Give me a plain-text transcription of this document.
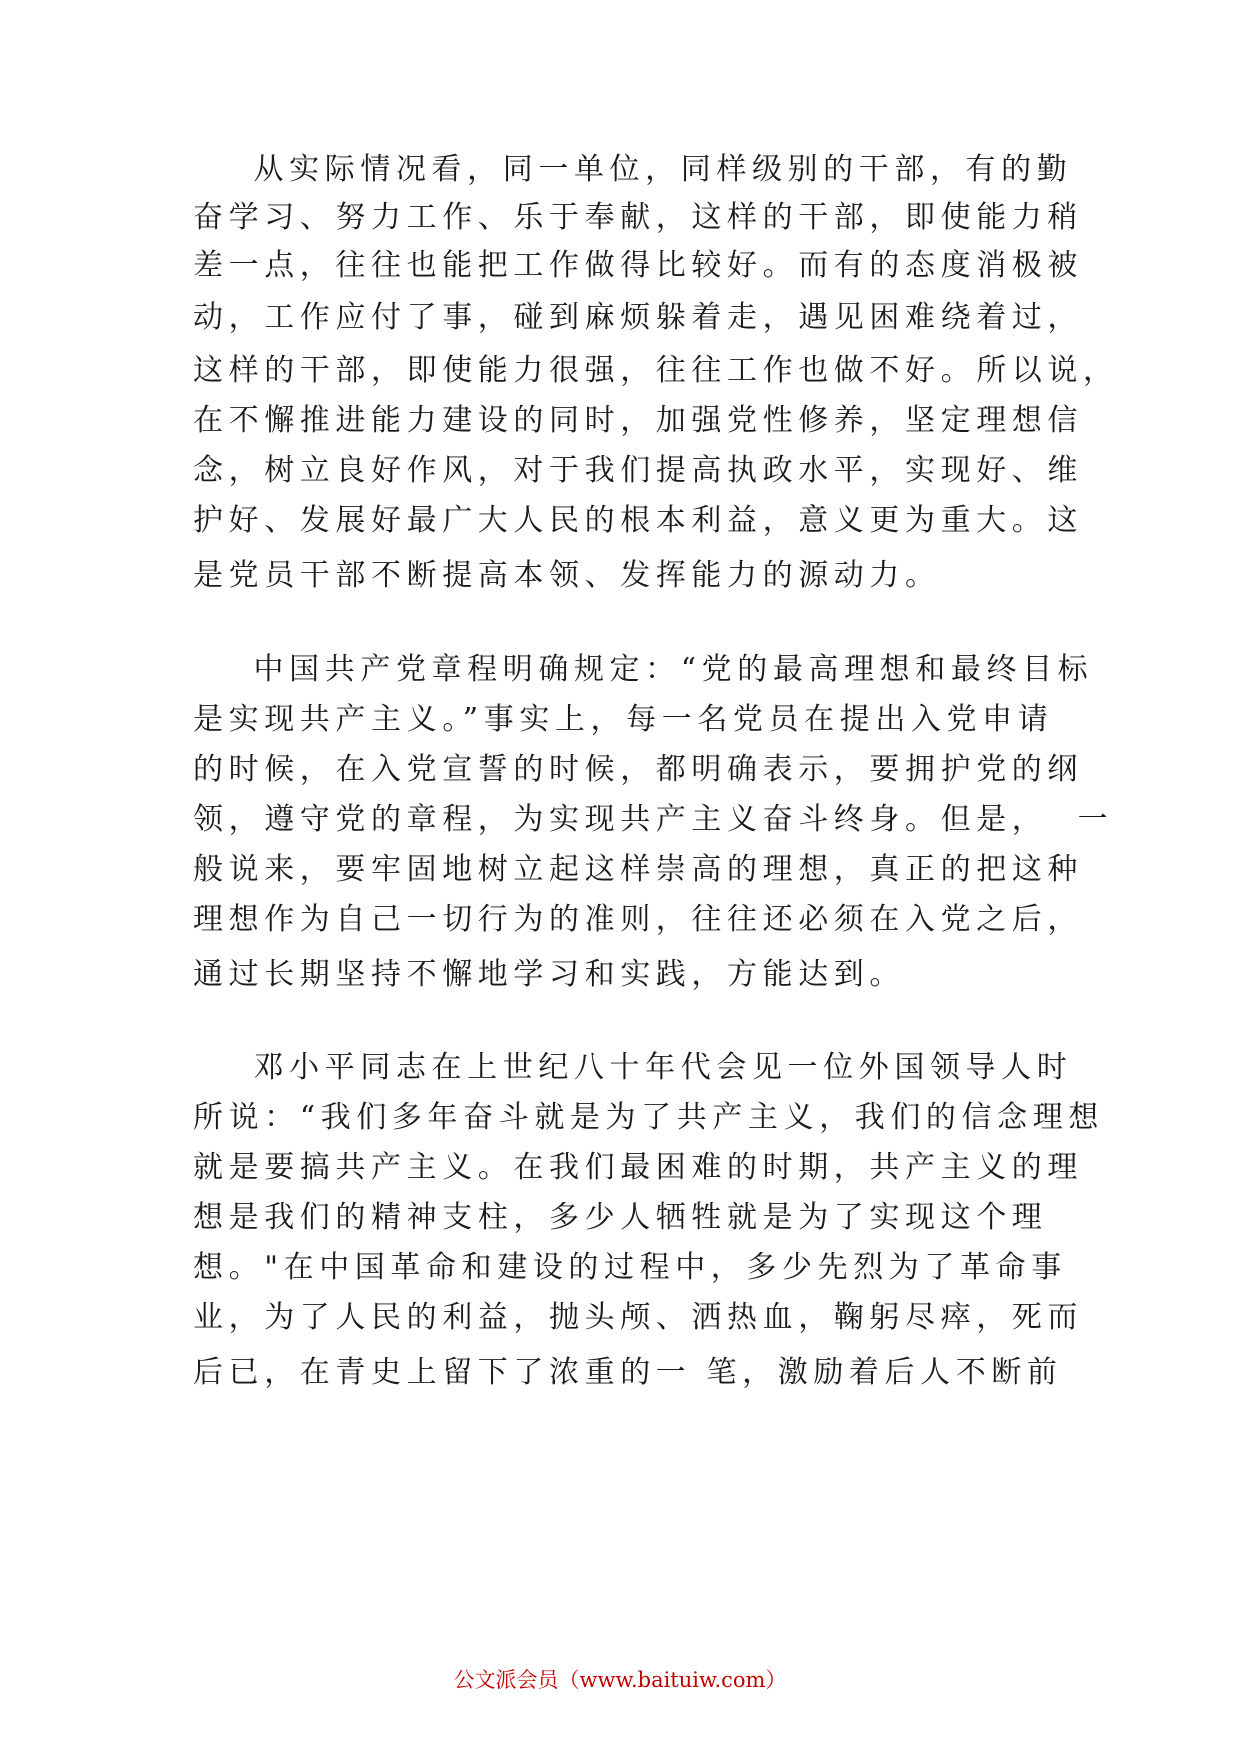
从实际情况看，同一单位，同样级别的干部，有的勤
奋学习、努力工作、乐于奉献，这样的干部，即使能力稍
差一点，往往也能把工作做得比较好。而有的态度消极被
动，工作应付了事，碰到麻烦躲着走，遇见困难绕着过，
这样的干部，即使能力很强，往往工作也做不好。所以说，
在不懈推进能力建设的同时，加强党性修养，坚定理想信
念，树立良好作风，对于我们提高执政水平，实现好、维
护好、发展好最广大人民的根本利益，意义更为重大。这
是党员干部不断提高本领、发挥能力的源动力。
中国共产党章程明确规定：“党的最高理想和最终目标
是实现共产主义。”事实上，每一名党员在提出入党申请
的时候，在入党宣誓的时候，都明确表示，要拥护党的纲
领，遵守党的章程，为实现共产主义奋斗终身。但是，  一
般说来，要牢固地树立起这样崇高的理想，真正的把这种
理想作为自己一切行为的准则，往往还必须在入党之后，
通过长期坚持不懈地学习和实践，方能达到。
邓小平同志在上世纪八十年代会见一位外国领导人时
所说：“我们多年奋斗就是为了共产主义，我们的信念理想
就是要搞共产主义。在我们最困难的时期，共产主义的理
想是我们的精神支柱，多少人牺牲就是为了实现这个理
想。"在中国革命和建设的过程中，多少先烈为了革命事
业，为了人民的利益，抛头颅、洒热血，鞠躬尽瘁，死而
后已，在青史上留下了浓重的一 笔，激励着后人不断前
公文派会员（www.baituiw.com）
